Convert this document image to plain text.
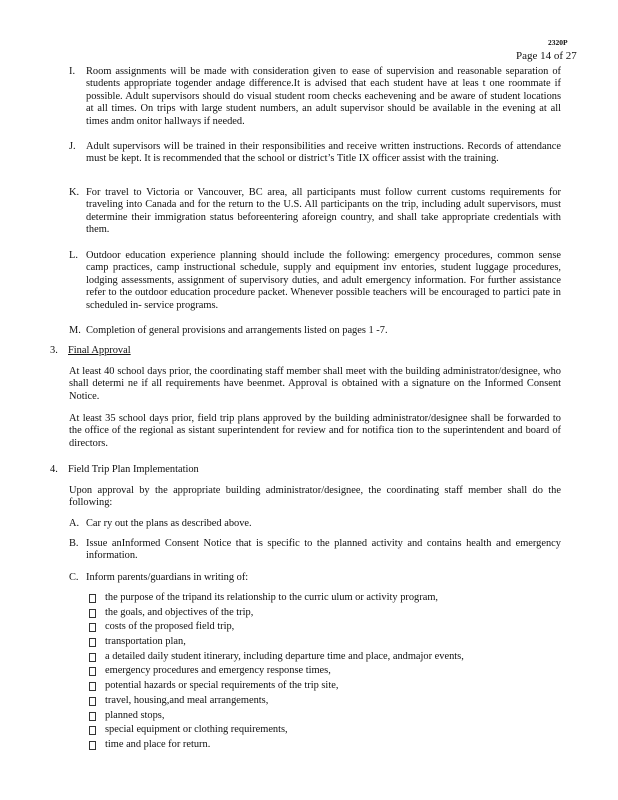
2320P
Page 14 of 27
I. Room assignments will be made with consideration given to ease of supervision and reasonable separation of students appropriate togender andage difference.It is advised that each student have at leas t one roommate if possible. Adult supervisors should do visual student room checks eachevening and be aware of student locations at all times. On trips with large student numbers, an adult supervisor should be available in the evening at all times andm onitor hallways if needed.
J. Adult supervisors will be trained in their responsibilities and receive written instructions. Records of attendance must be kept. It is recommended that the school or district’s Title IX officer assist with the training.
K. For travel to Victoria or Vancouver, BC area, all participants must follow current customs requirements for traveling into Canada and for the return to the U.S. All participants on the trip, including adult supervisors, must determine their immigration status beforeentering aforeign country, and shall take appropriate credentials with them.
L. Outdoor education experience planning should include the following: emergency procedures, common sense camp practices, camp instructional schedule, supply and equipment inv entories, student luggage procedures, lodging assessments, assignment of supervisory duties, and adult emergency information. For further assistance refer to the outdoor education procedure packet. Whenever possible teachers will be encouraged to partici pate in scheduled in- service programs.
M. Completion of general provisions and arrangements listed on pages 1 -7.
3. Final Approval
At least 40 school days prior, the coordinating staff member shall meet with the building administrator/designee, who shall determi ne if all requirements have beenmet. Approval is obtained with a signature on the Informed Consent Notice.
At least 35 school days prior, field trip plans approved by the building administrator/designee shall be forwarded to the office of the regional as sistant superintendent for review and for notifica tion to the superintendent and board of directors.
4. Field Trip Plan Implementation
Upon approval by the appropriate building administrator/designee, the coordinating staff member shall do the following:
A. Car ry out the plans as described above.
B. Issue anInformed Consent Notice that is specific to the planned activity and contains health and emergency information.
C. Inform parents/guardians in writing of:
the purpose of the tripand its relationship to the curric ulum or activity program,
the goals, and objectives of the trip,
costs of the proposed field trip,
transportation plan,
a detailed daily student itinerary, including departure time and place, andmajor events,
emergency procedures and emergency response times,
potential hazards or special requirements of the trip site,
travel, housing,and meal arrangements,
planned stops,
special equipment or clothing requirements,
time and place for return.
